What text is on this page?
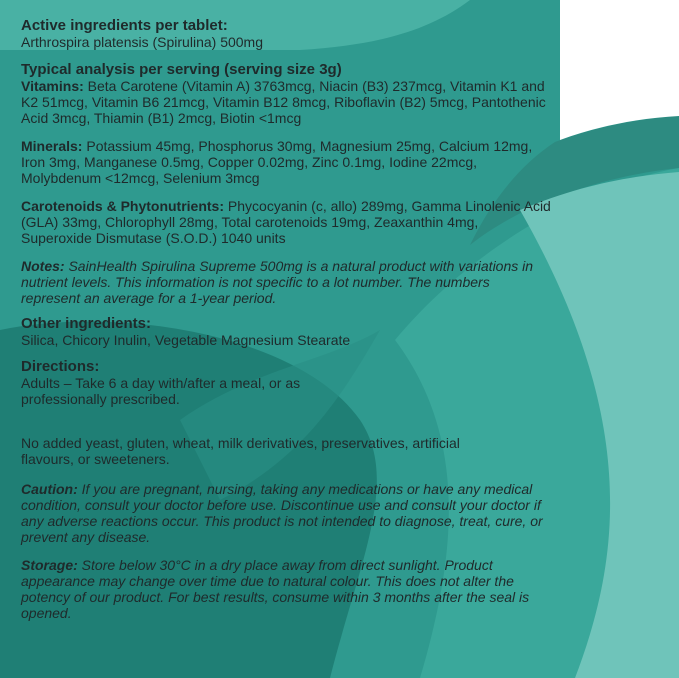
Active ingredients per tablet:
Arthrospira platensis (Spirulina) 500mg
Typical analysis per serving (serving size 3g)
Vitamins: Beta Carotene (Vitamin A) 3763mcg, Niacin (B3) 237mcg, Vitamin K1 and K2 51mcg, Vitamin B6 21mcg, Vitamin B12 8mcg, Riboflavin (B2) 5mcg, Pantothenic Acid 3mcg, Thiamin (B1) 2mcg, Biotin <1mcg
Minerals: Potassium 45mg, Phosphorus 30mg, Magnesium 25mg, Calcium 12mg, Iron 3mg, Manganese 0.5mg, Copper 0.02mg, Zinc 0.1mg, Iodine 22mcg, Molybdenum <12mcg, Selenium 3mcg
Carotenoids & Phytonutrients: Phycocyanin (c, allo) 289mg, Gamma Linolenic Acid (GLA) 33mg, Chlorophyll 28mg, Total carotenoids 19mg, Zeaxanthin 4mg, Superoxide Dismutase (S.O.D.) 1040 units
Notes: SainHealth Spirulina Supreme 500mg is a natural product with variations in nutrient levels. This information is not specific to a lot number. The numbers represent an average for a 1-year period.
Other ingredients:
Silica, Chicory Inulin, Vegetable Magnesium Stearate
Directions:
Adults – Take 6 a day with/after a meal, or as professionally prescribed.
No added yeast, gluten, wheat, milk derivatives, preservatives, artificial flavours, or sweeteners.
Caution: If you are pregnant, nursing, taking any medications or have any medical condition, consult your doctor before use. Discontinue use and consult your doctor if any adverse reactions occur. This product is not intended to diagnose, treat, cure, or prevent any disease.
Storage: Store below 30°C in a dry place away from direct sunlight. Product appearance may change over time due to natural colour. This does not alter the potency of our product. For best results, consume within 3 months after the seal is opened.
